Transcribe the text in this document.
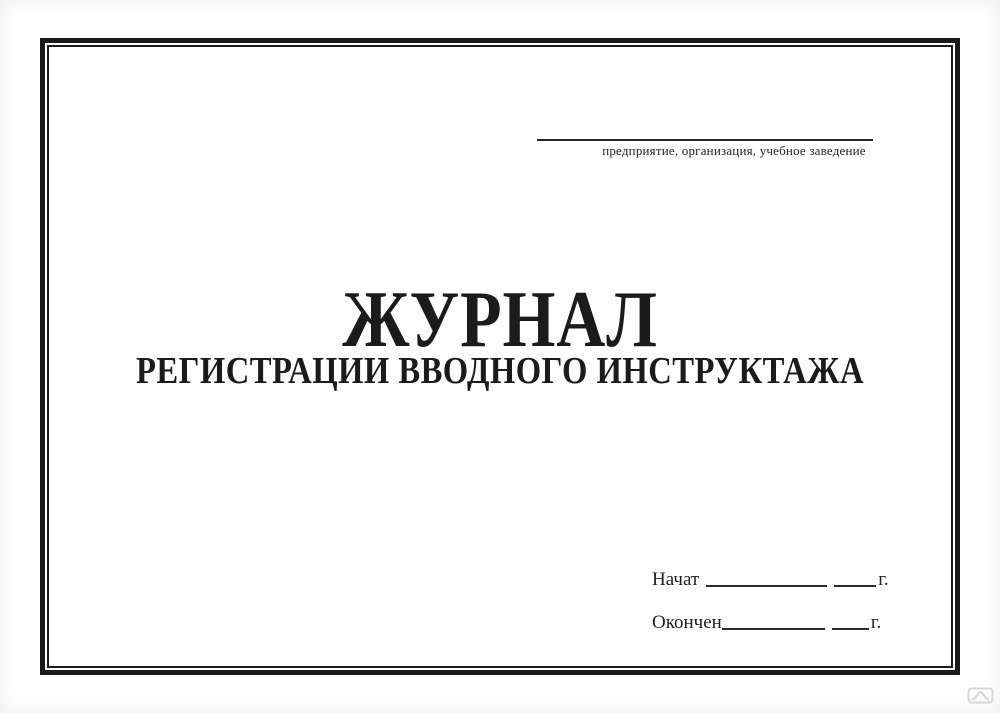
предприятие, организация, учебное заведение
ЖУРНАЛ
РЕГИСТРАЦИИ ВВОДНОГО ИНСТРУКТАЖА
Начат	г.
Окончен	г.
